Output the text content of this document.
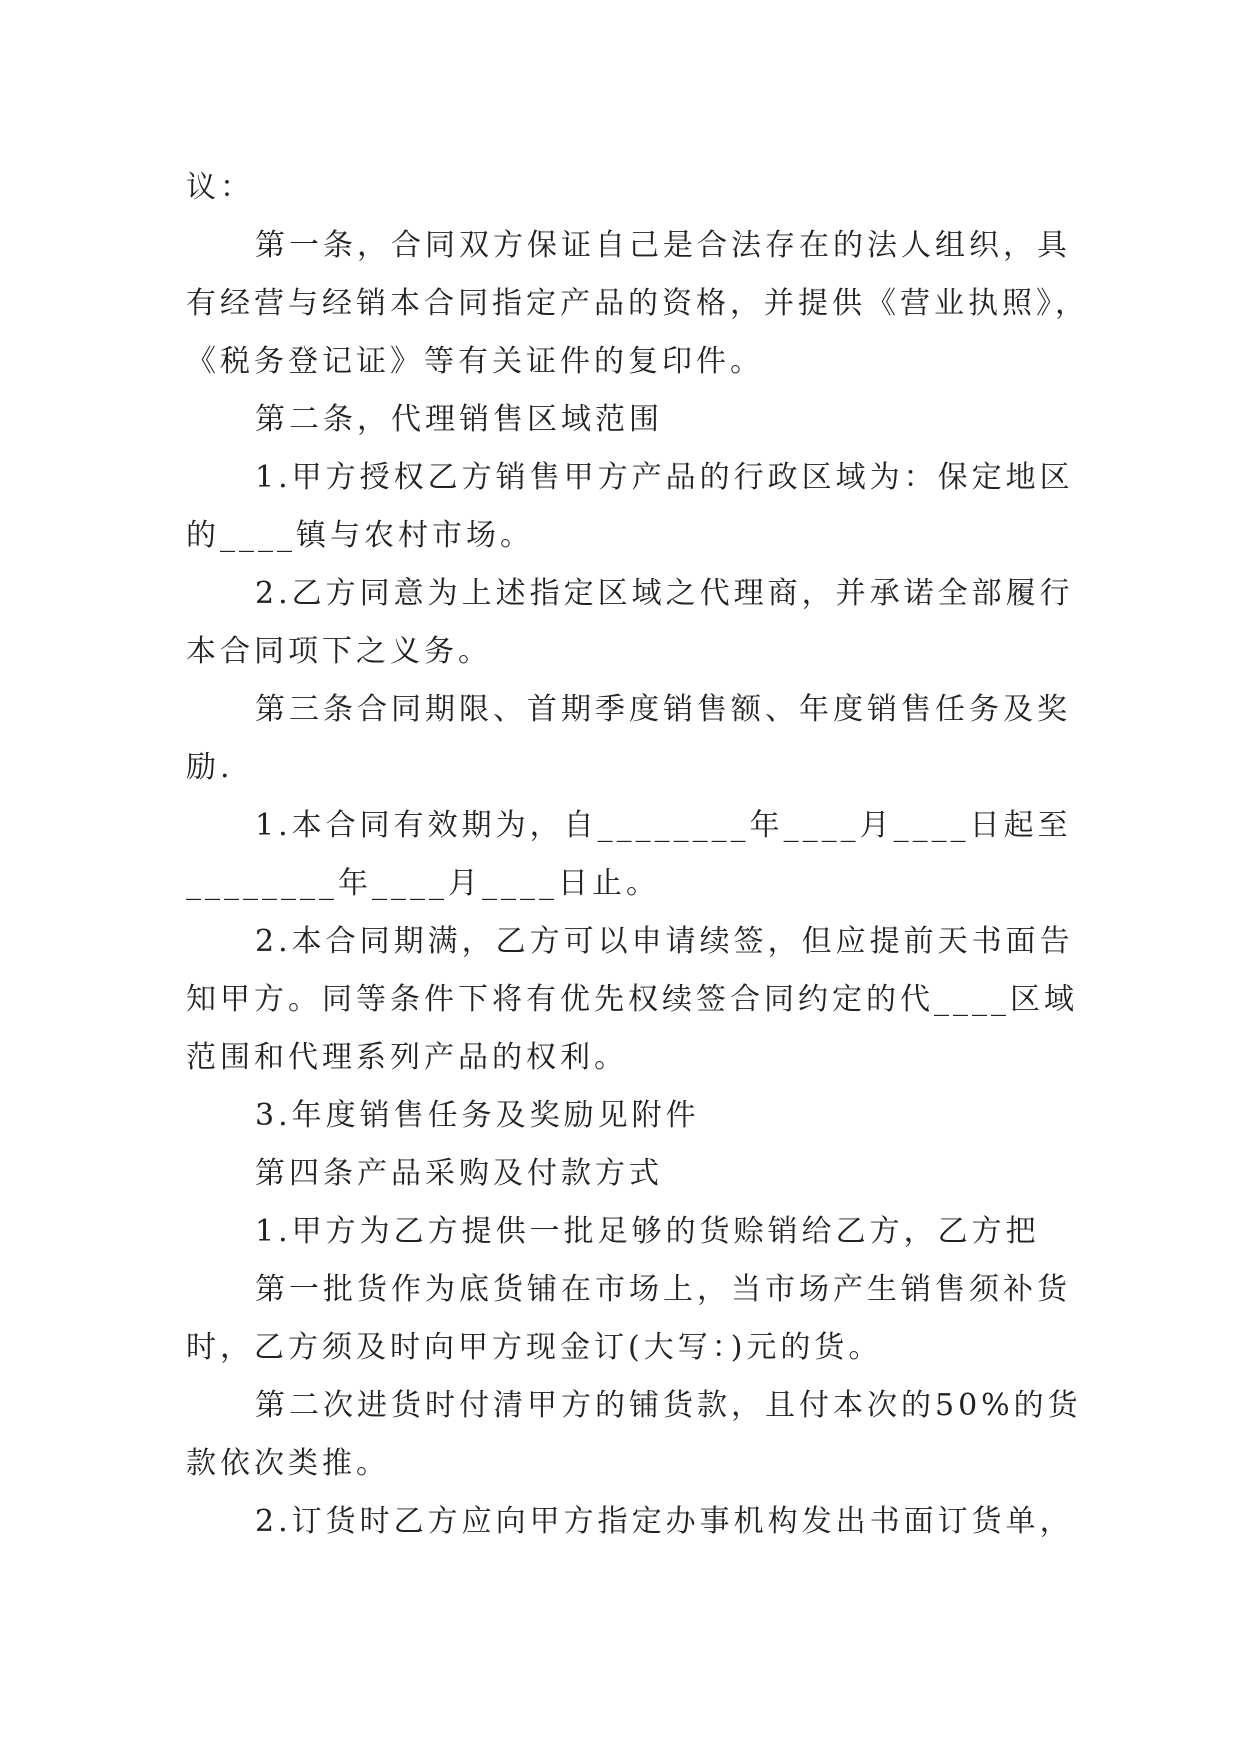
议：
第一条，合同双方保证自己是合法存在的法人组织，具
有经营与经销本合同指定产品的资格，并提供《营业执照》，
《税务登记证》等有关证件的复印件。
第二条，代理销售区域范围
1.甲方授权乙方销售甲方产品的行政区域为：保定地区
的____镇与农村市场。
2.乙方同意为上述指定区域之代理商，并承诺全部履行
本合同项下之义务。
第三条合同期限、首期季度销售额、年度销售任务及奖
励.
1.本合同有效期为，自________年____月____日起至
________年____月____日止。
2.本合同期满，乙方可以申请续签，但应提前天书面告
知甲方。同等条件下将有优先权续签合同约定的代____区域
范围和代理系列产品的权利。
3.年度销售任务及奖励见附件
第四条产品采购及付款方式
1.甲方为乙方提供一批足够的货赊销给乙方，乙方把
第一批货作为底货铺在市场上，当市场产生销售须补货
时，乙方须及时向甲方现金订(大写：)元的货。
第二次进货时付清甲方的铺货款，且付本次的50%的货
款依次类推。
2.订货时乙方应向甲方指定办事机构发出书面订货单，
